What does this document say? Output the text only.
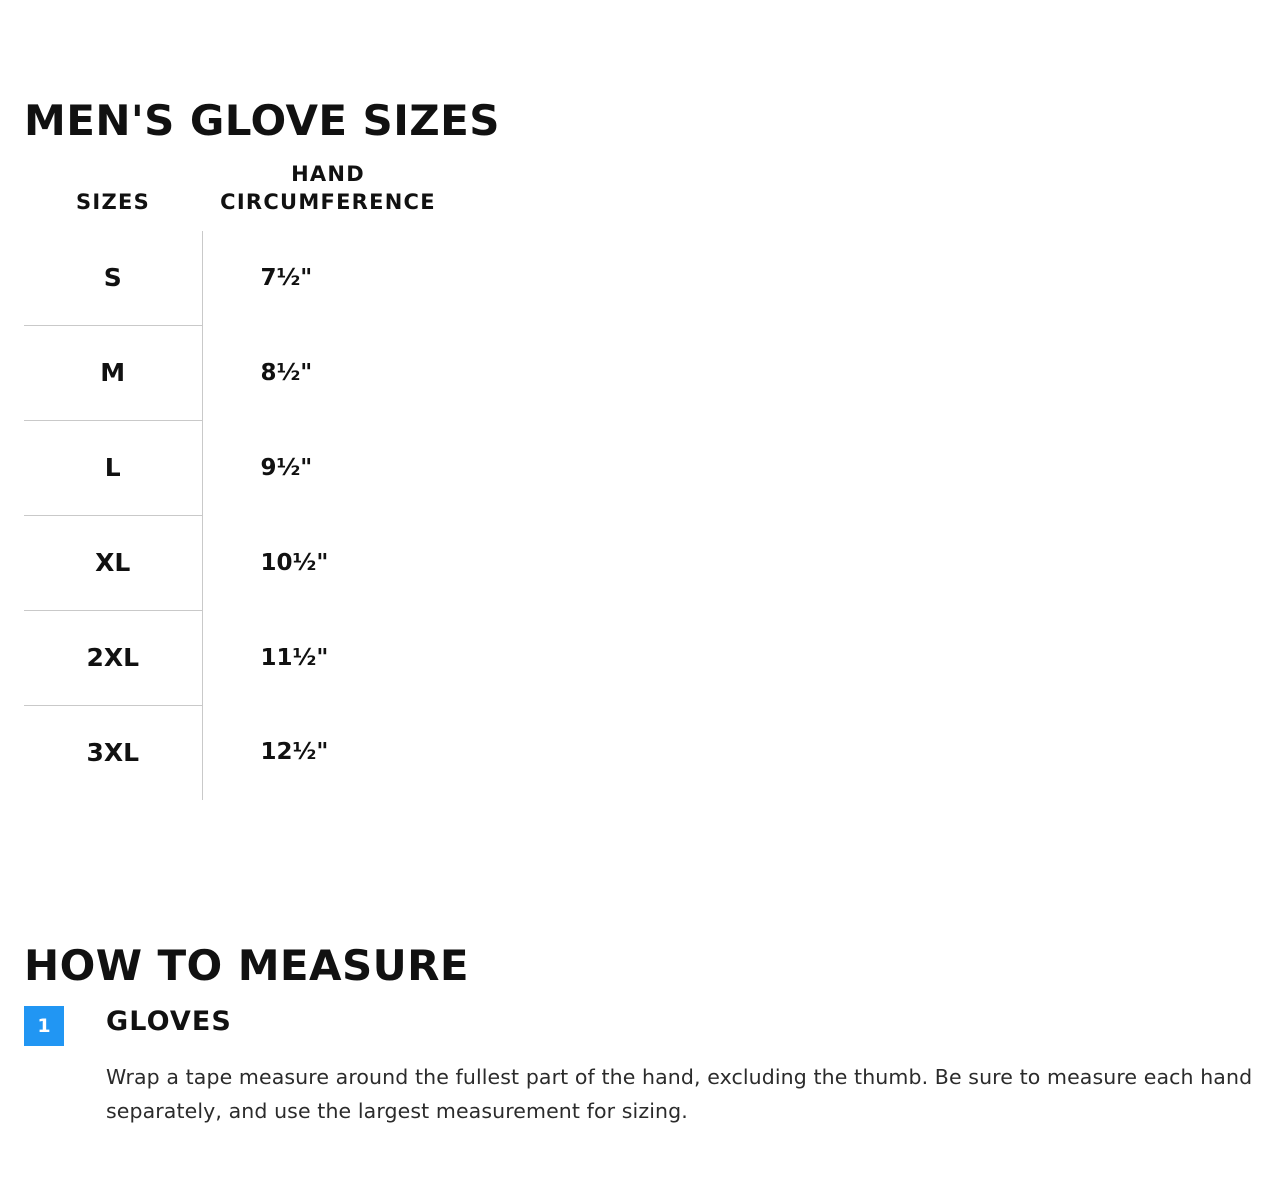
MEN'S GLOVE SIZES
SIZES	HAND
CIRCUMFERENCE
S	7½"
M	8½"
L	9½"
XL	10½"
2XL	11½"
3XL	12½"
HOW TO MEASURE
1	GLOVES
Wrap a tape measure around the fullest part of the hand, excluding the thumb. Be sure to measure each hand separately, and use the largest measurement for sizing.
